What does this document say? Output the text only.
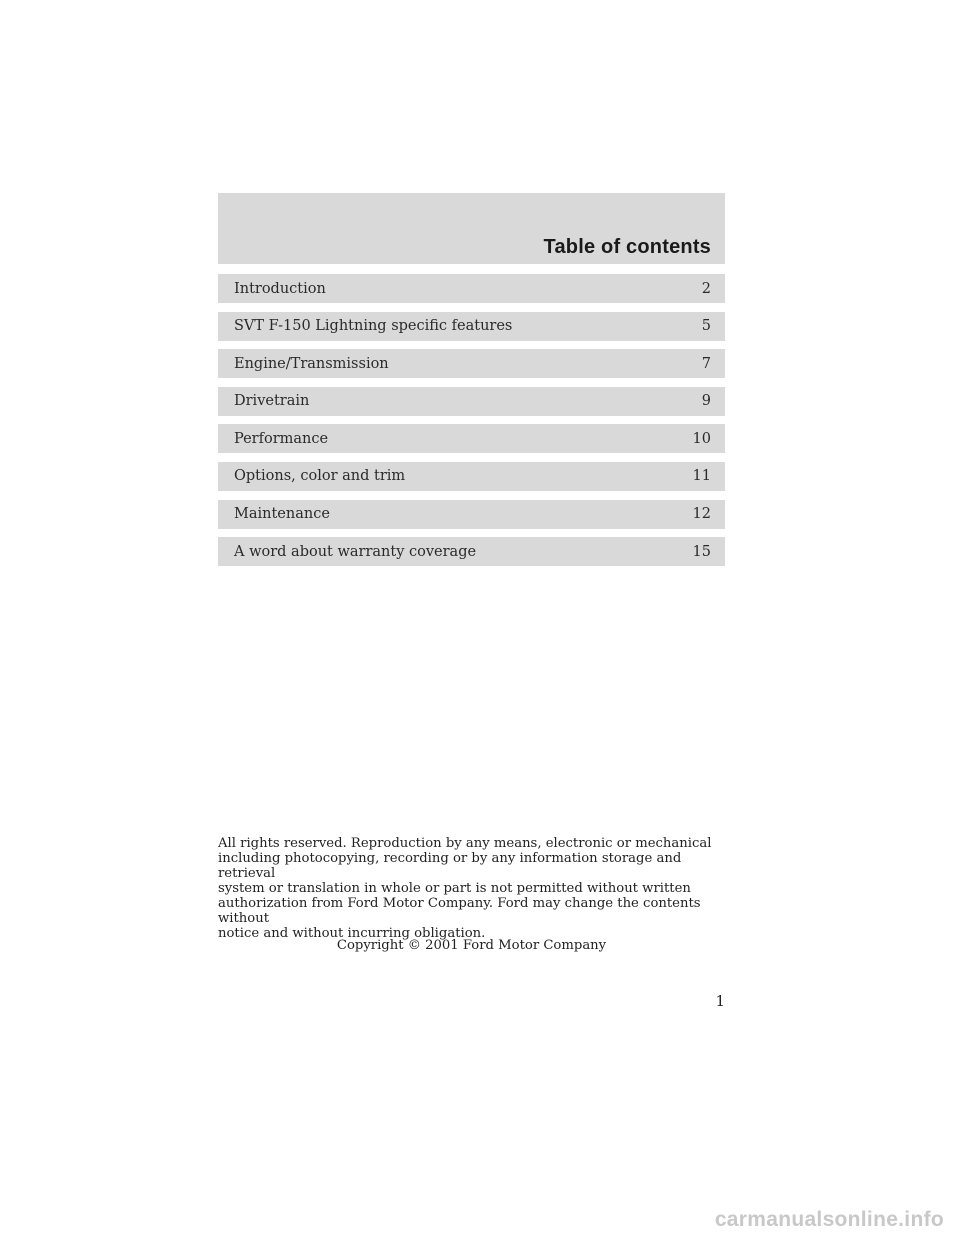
Table of contents
Introduction	2
SVT F-150 Lightning specific features	5
Engine/Transmission	7
Drivetrain	9
Performance	10
Options, color and trim	11
Maintenance	12
A word about warranty coverage	15

All rights reserved. Reproduction by any means, electronic or mechanical
including photocopying, recording or by any information storage and retrieval
system or translation in whole or part is not permitted without written
authorization from Ford Motor Company. Ford may change the contents without
notice and without incurring obligation.

Copyright © 2001 Ford Motor Company
1
carmanualsonline.info
